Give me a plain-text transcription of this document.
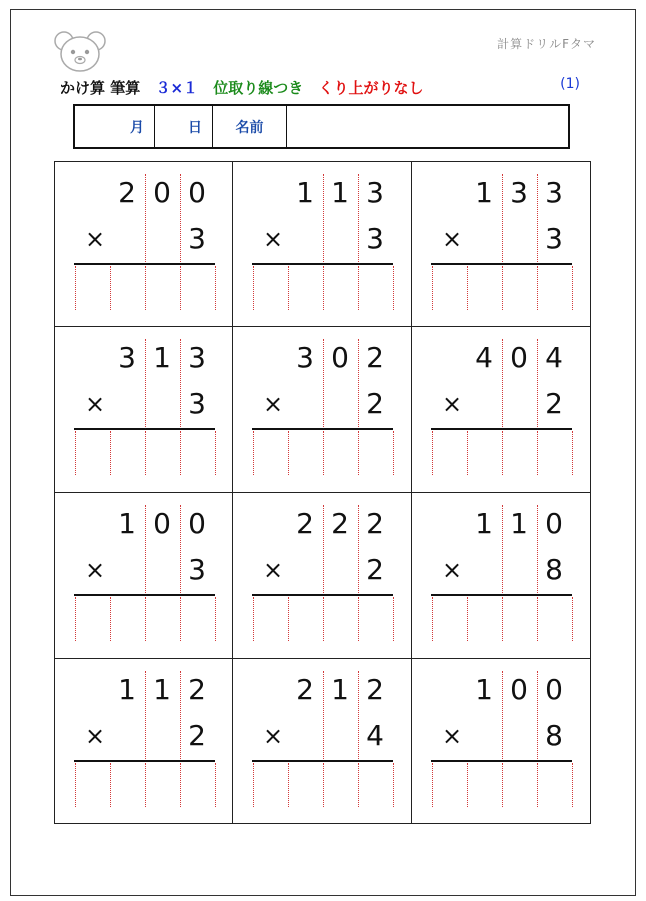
計算ドリルFタマ
かけ算 筆算 ３×１ 位取り線つき くり上がりなし	(1)
月	日 名前
2 0 0
×	3
1 1 3
×	3
1 3 3
×	3
3 1 3
×	3
3 0 2
×	2
4 0 4
×	2
1 0 0
×	3
2 2 2
×	2
1 1 0
×	8
1 1 2
×	2
2 1 2
×	4
1 0 0
×	8
